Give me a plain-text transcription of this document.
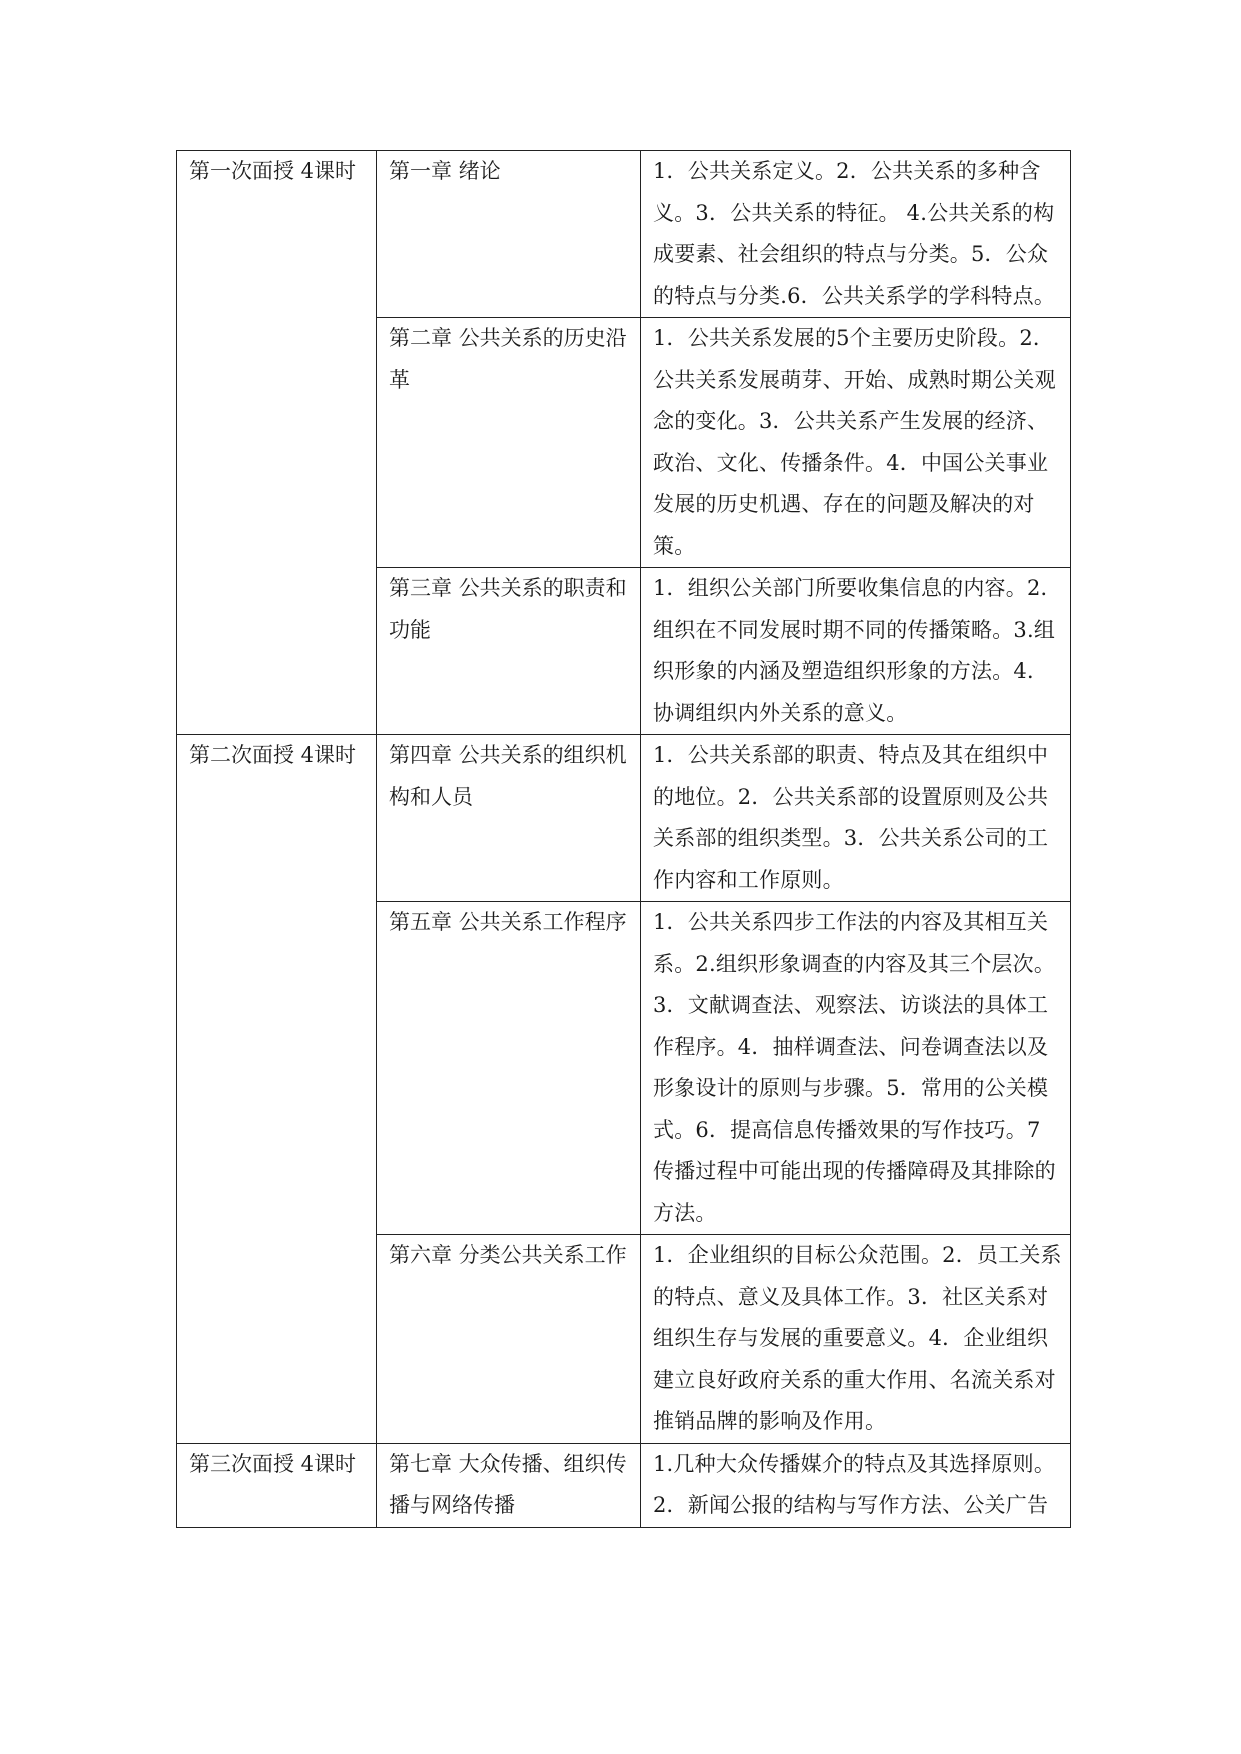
第一次面授 4课时	第一章 绪论	1．公共关系定义。2．公共关系的多种含义。3．公共关系的特征。 4.公共关系的构成要素、社会组织的特点与分类。5．公众的特点与分类.6．公共关系学的学科特点。
	第二章 公共关系的历史沿革	1．公共关系发展的5个主要历史阶段。2．公共关系发展萌芽、开始、成熟时期公关观念的变化。3．公共关系产生发展的经济、政治、文化、传播条件。4．中国公关事业发展的历史机遇、存在的问题及解决的对策。
	第三章 公共关系的职责和功能	1．组织公关部门所要收集信息的内容。2．组织在不同发展时期不同的传播策略。3.组织形象的内涵及塑造组织形象的方法。4．协调组织内外关系的意义。
第二次面授 4课时	第四章 公共关系的组织机构和人员	1．公共关系部的职责、特点及其在组织中的地位。2．公共关系部的设置原则及公共关系部的组织类型。3．公共关系公司的工作内容和工作原则。
	第五章 公共关系工作程序	1．公共关系四步工作法的内容及其相互关系。2.组织形象调查的内容及其三个层次。3．文献调查法、观察法、访谈法的具体工作程序。4．抽样调查法、问卷调查法以及形象设计的原则与步骤。5．常用的公关模式。6．提高信息传播效果的写作技巧。7 传播过程中可能出现的传播障碍及其排除的方法。
	第六章 分类公共关系工作	1．企业组织的目标公众范围。2．员工关系的特点、意义及具体工作。3．社区关系对组织生存与发展的重要意义。4．企业组织建立良好政府关系的重大作用、名流关系对推销品牌的影响及作用。
第三次面授 4课时	第七章 大众传播、组织传播与网络传播	1.几种大众传播媒介的特点及其选择原则。2．新闻公报的结构与写作方法、公关广告
